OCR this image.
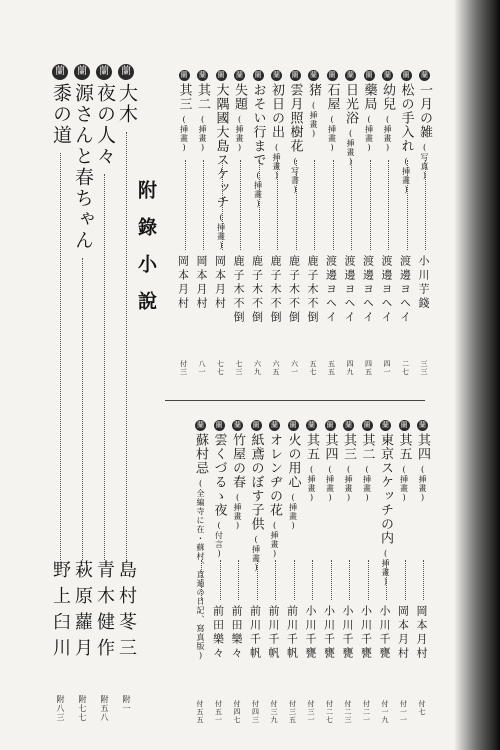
附錄小說
蘭
一月の雑
(写真)
小川芋錢
三三
蘭
松の手入れ
(挿畫)
渡邊ヨヘイ
二七
蘭
幼兒
(挿畫)
渡邊ヨヘイ
四一
蘭
藥局
(挿畫)
渡邊ヨヘイ
四五
蘭
日光浴
(挿畫)
渡邊ヨヘイ
四九
蘭
石屋
(挿畫)
渡邊ヨヘイ
五五
蘭
猪
(挿畫)
鹿子木不倒
五七
蘭
雲月照樹花
(写書)
鹿子木不倒
六一
蘭
初日の出
(挿畫)
鹿子木不倒
六五
蘭
おそい行まで
(挿畫)
鹿子木不倒
六九
蘭
失題
(挿畫)
鹿子木不倒
七三
蘭
大隅國大島スケッチ
(挿畫)
岡本月村
七七
蘭
其二
(挿畫)
岡本月村
八一
蘭
其三
(挿畫)
岡本月村
付三
蘭
大木
島村苳三
附一
蘭
夜の人々
青木健作
附五八
蘭
源さんと春ちゃん
萩原蘿月
附七七
蘭
黍の道
野上臼川
附八三
蘭
其四
(挿畫)
岡本月村
付七
蘭
其五
(挿畫)
岡本月村
付一一
蘭
東京スケッチの内
(挿畫)
小川千甕
付一九
蘭
其二
(挿畫)
小川千甕
付二一
蘭
其三
(挿畫)
小川千甕
付二三
蘭
其四
(挿畫)
小川千甕
付二七
蘭
其五
(挿畫)
小川千甕
付三一
蘭
火の用心
(挿畫)
前川千帆
付三五
蘭
オレンヂの花
(挿畫)
前川千帆
付三九
蘭
紙鳶のぼす子供
(挿畫)
前川千帆
付四三
蘭
竹屋の春
(挿畫)
前田樂々
付四七
蘭
雲くづるゝ夜
(付言)
前田樂々
付五一
蘭
蘇村忌
(全編寺に在・蘇村、直遁の日記、寫真版)
付五五
